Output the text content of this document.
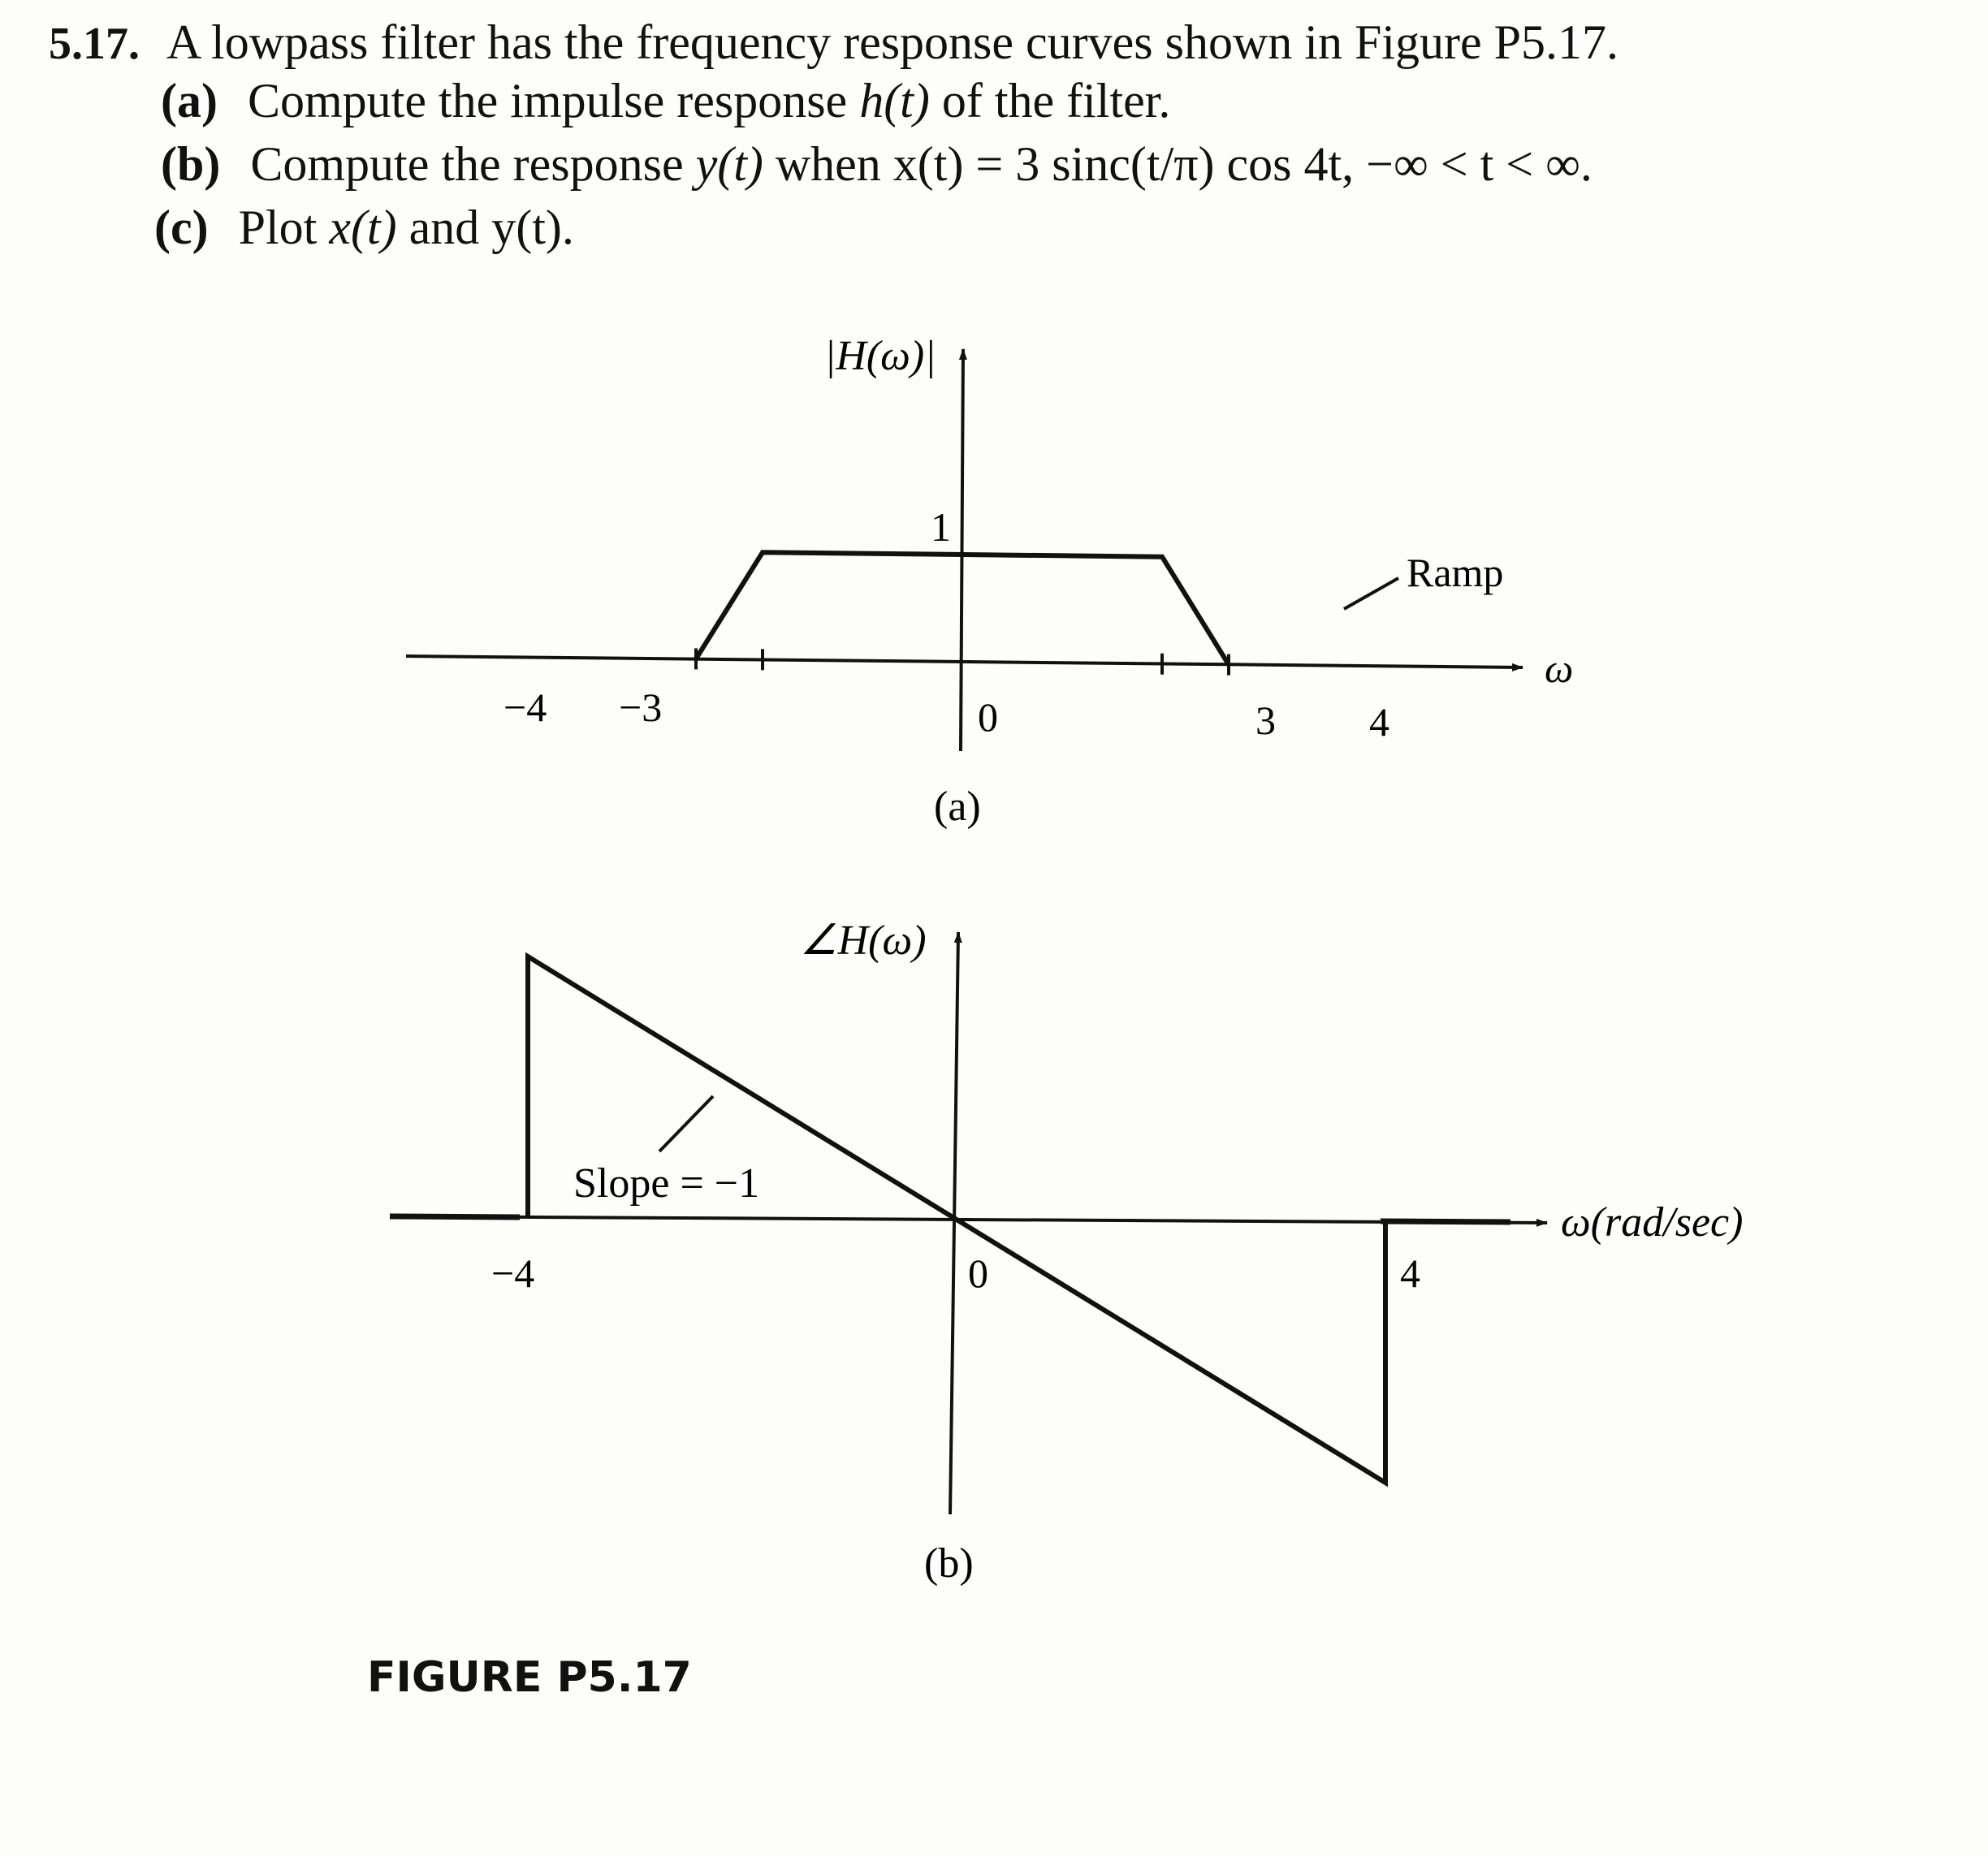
5.17. A lowpass filter has the frequency response curves shown in Figure P5.17.
(a) Compute the impulse response h(t) of the filter.
(b) Compute the response y(t) when x(t) = 3 sinc(t/π) cos 4t, −∞ < t < ∞.
(c) Plot x(t) and y(t).
Ramp
|H(ω)|
1
−4 −3	0	3 4
ω
(a)
Slope = −1
∠H(ω)
−4	0	4
ω(rad/sec)
(b)
FIGURE P5.17
